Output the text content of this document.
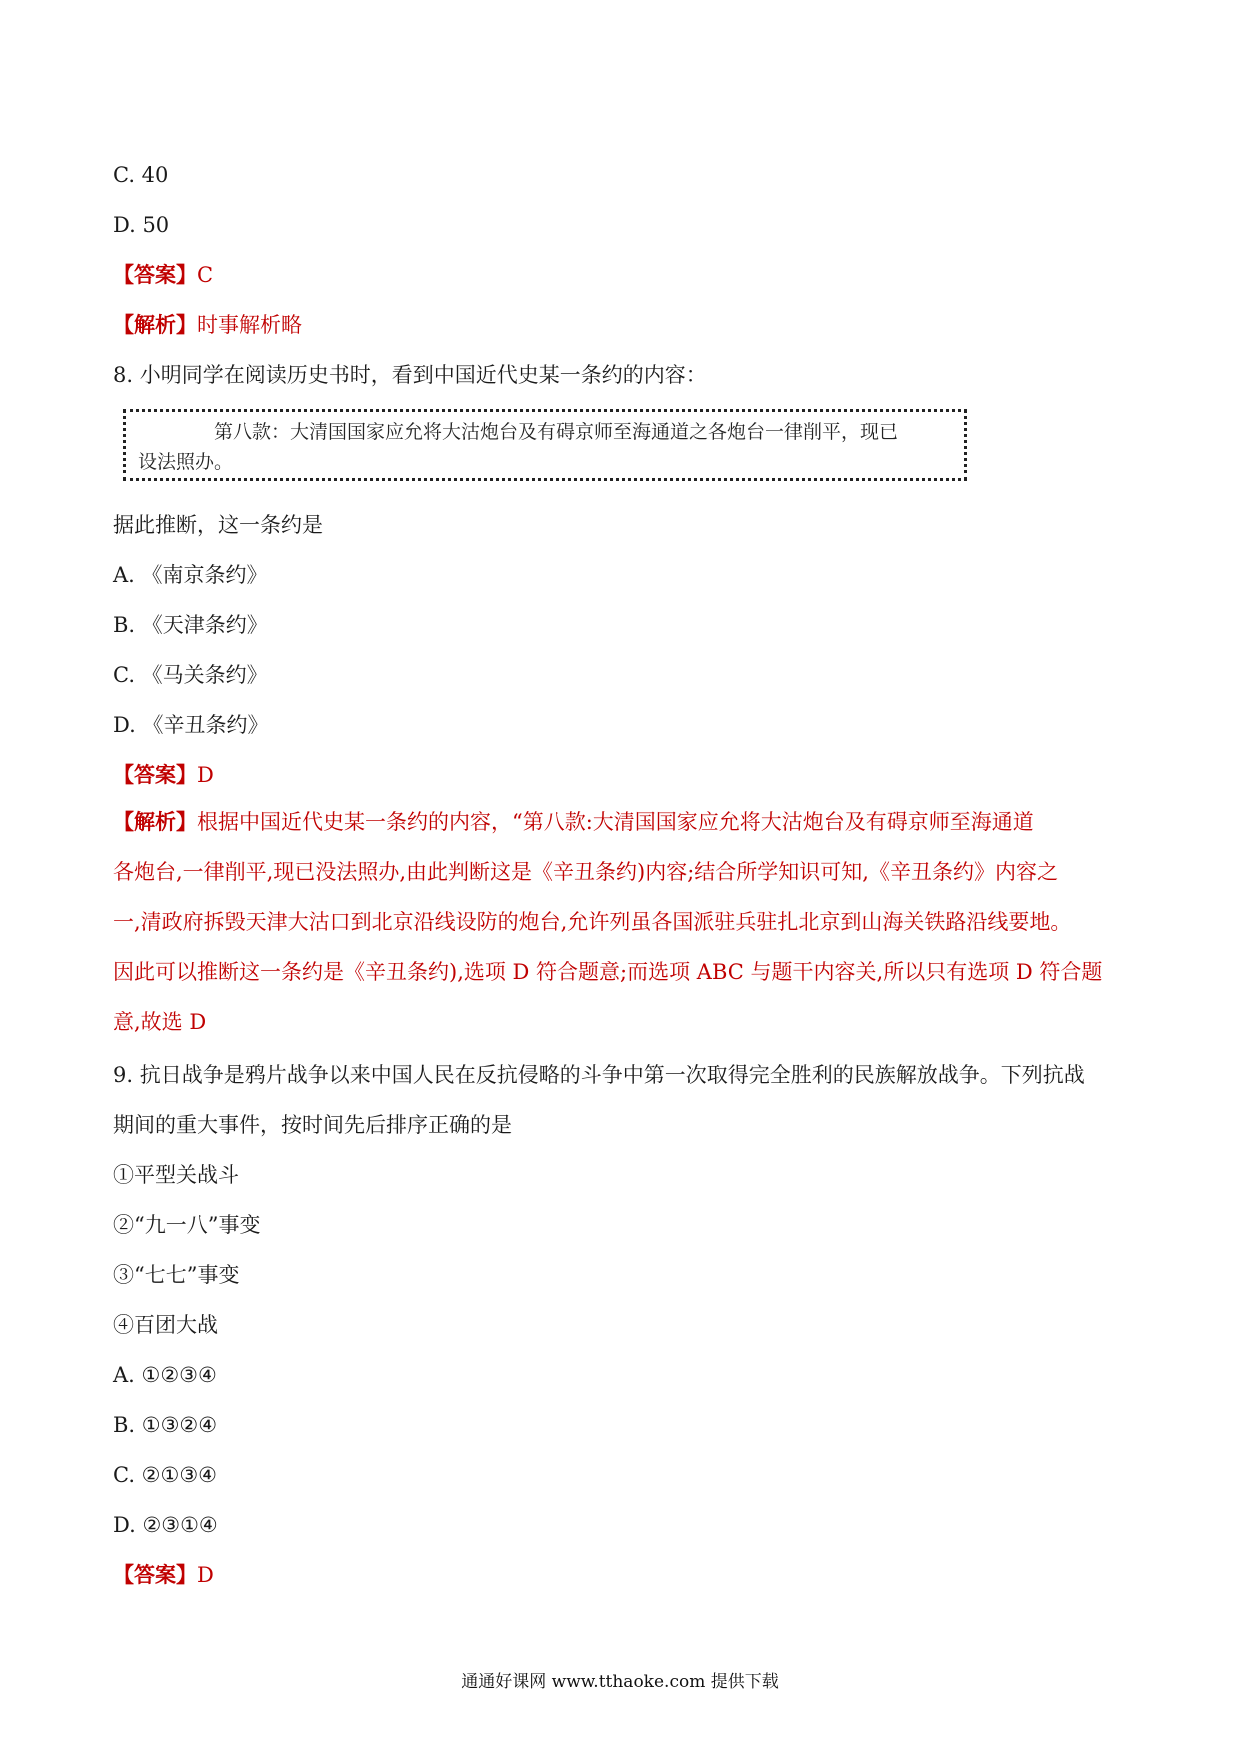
C. 40
D. 50
【答案】C
【解析】时事解析略
8. 小明同学在阅读历史书时，看到中国近代史某一条约的内容：
第八款：大清国国家应允将大沽炮台及有碍京师至海通道之各炮台一律削平，现已
设法照办。
据此推断，这一条约是
A. 《南京条约》
B. 《天津条约》
C. 《马关条约》
D. 《辛丑条约》
【答案】D
【解析】根据中国近代史某一条约的内容，“第八款:大清国国家应允将大沽炮台及有碍京师至海通道
各炮台,一律削平,现已没法照办,由此判断这是《辛丑条约)内容;结合所学知识可知,《辛丑条约》内容之
一,清政府拆毁天津大沽口到北京沿线设防的炮台,允许列虽各国派驻兵驻扎北京到山海关铁路沿线要地。
因此可以推断这一条约是《辛丑条约),选项 D 符合题意;而选项 ABC 与题干内容关,所以只有选项 D 符合题
意,故选 D
9. 抗日战争是鸦片战争以来中国人民在反抗侵略的斗争中第一次取得完全胜利的民族解放战争。下列抗战
期间的重大事件，按时间先后排序正确的是
①平型关战斗
②“九一八”事变
③“七七”事变
④百团大战
A. ①②③④
B. ①③②④
C. ②①③④
D. ②③①④
【答案】D
通通好课网 www.tthaoke.com 提供下载
